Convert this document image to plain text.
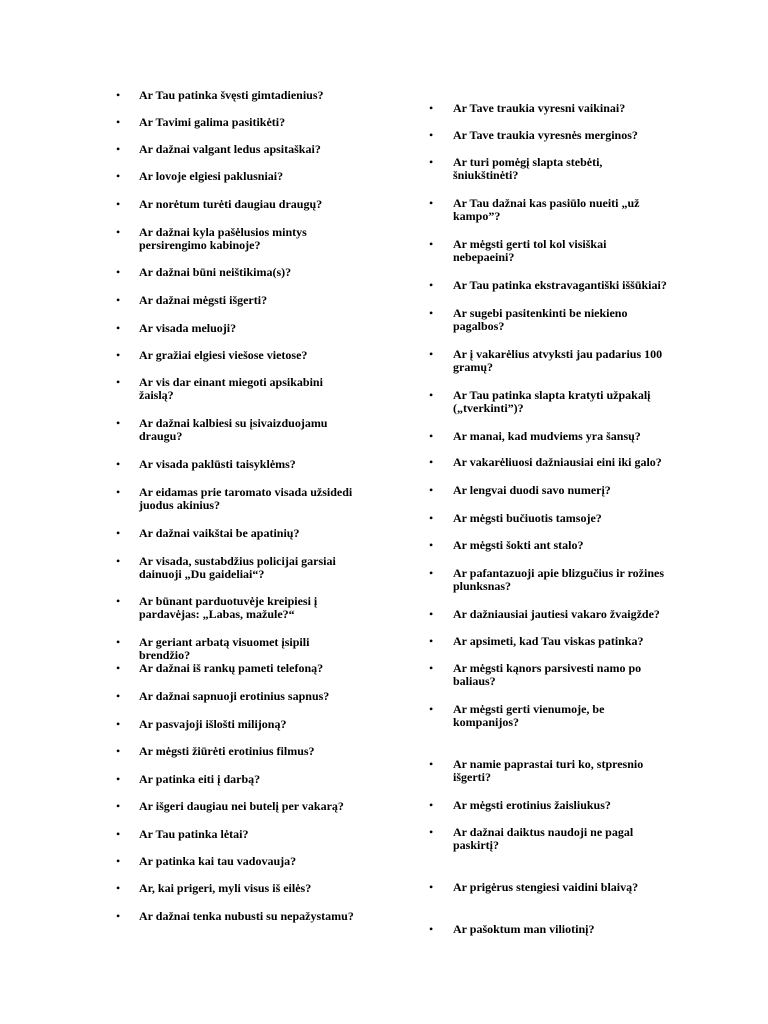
• Ar Tau patinka švęsti gimtadienius?
• Ar Tavimi galima pasitikėti?
• Ar dažnai valgant ledus apsitaškai?
• Ar lovoje elgiesi paklusniai?
• Ar norėtum turėti daugiau draugų?
• Ar dažnai kyla pašėlusios mintys
persirengimo kabinoje?
• Ar dažnai būni neištikima(s)?
• Ar dažnai mėgsti išgerti?
• Ar visada meluoji?
• Ar gražiai elgiesi viešose vietose?
• Ar vis dar einant miegoti apsikabini
žaislą?
• Ar dažnai kalbiesi su įsivaizduojamu
draugu?
• Ar visada paklūsti taisyklėms?
• Ar eidamas prie taromato visada užsidedi
juodus akinius?
• Ar dažnai vaikštai be apatinių?
• Ar visada, sustabdžius policijai garsiai
dainuoji „Du gaideliai“?
• Ar būnant parduotuvėje kreipiesi į
pardavėjas: „Labas, mažule?“
• Ar geriant arbatą visuomet įsipili
brendžio?
• Ar dažnai iš rankų pameti telefoną?
• Ar dažnai sapnuoji erotinius sapnus?
• Ar pasvajoji išlošti milijoną?
• Ar mėgsti žiūrėti erotinius filmus?
• Ar patinka eiti į darbą?
• Ar išgeri daugiau nei butelį per vakarą?
• Ar Tau patinka lėtai?
• Ar patinka kai tau vadovauja?
• Ar, kai prigeri, myli visus iš eilės?
• Ar dažnai tenka nubusti su nepažystamu?
• Ar Tave traukia vyresni vaikinai?
• Ar Tave traukia vyresnės merginos?
• Ar turi pomėgį slapta stebėti,
šniukštinėti?
• Ar Tau dažnai kas pasiūlo nueiti „už
kampo”?
• Ar mėgsti gerti tol kol visiškai
nebepaeini?
• Ar Tau patinka ekstravagantiški iššūkiai?
• Ar sugebi pasitenkinti be niekieno
pagalbos?
• Ar į vakarėlius atvyksti jau padarius 100
gramų?
• Ar Tau patinka slapta kratyti užpakalį
(„tverkinti”)?
• Ar manai, kad mudviems yra šansų?
• Ar vakarėliuosi dažniausiai eini iki galo?
• Ar lengvai duodi savo numerį?
• Ar mėgsti bučiuotis tamsoje?
• Ar mėgsti šokti ant stalo?
• Ar pafantazuoji apie blizgučius ir rožines
plunksnas?
• Ar dažniausiai jautiesi vakaro žvaigžde?
• Ar apsimeti, kad Tau viskas patinka?
• Ar mėgsti kąnors parsivesti namo po
baliaus?
• Ar mėgsti gerti vienumoje, be
kompanijos?
• Ar namie paprastai turi ko, stpresnio
išgerti?
• Ar mėgsti erotinius žaisliukus?
• Ar dažnai daiktus naudoji ne pagal
paskirtį?
• Ar prigėrus stengiesi vaidini blaivą?
• Ar pašoktum man viliotinį?
